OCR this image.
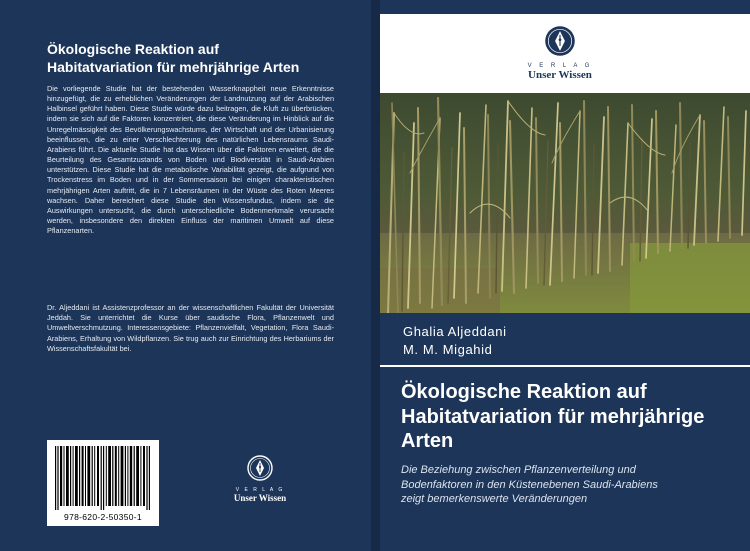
Ökologische Reaktion auf
Habitatvariation für mehrjährige Arten

Die vorliegende Studie hat der bestehenden Wasserknappheit neue Erkenntnisse hinzugefügt, die zu erheblichen Veränderungen der Landnutzung auf der Arabischen Halbinsel geführt haben. Diese Studie würde dazu beitragen, die Kluft zu überbrücken, indem sie sich auf die Faktoren konzentriert, die diese Veränderung im Hinblick auf die Unregelmässigkeit des Bevölkerungswachstums, der Wirtschaft und der Urbanisierung beeinflussen, die zu einer Verschlechterung des natürlichen Lebensraums Saudi-Arabiens führt. Die aktuelle Studie hat das Wissen über die Faktoren erweitert, die die Beurteilung des Gesamtzustands von Boden und Biodiversität in Saudi-Arabien unterstützen. Diese Studie hat die metabolische Variabilität gezeigt, die aufgrund von Trockenstress im Boden und in der Sommersaison bei einigen charakteristischen mehrjährigen Arten auftritt, die in 7 Lebensräumen in der Wüste des Roten Meeres wachsen. Daher bereichert diese Studie den Wissensfundus, indem sie die Auswirkungen untersucht, die durch unterschiedliche Bodenmerkmale verursacht werden, insbesondere den direkten Einfluss der maritimen Umwelt auf diese Pflanzenarten.

Dr. Aljeddani ist Assistenzprofessor an der wissenschaftlichen Fakultät der Universität Jeddah. Sie unterrichtet die Kurse über saudische Flora, Pflanzenwelt und Umweltverschmutzung. Interessensgebiete: Pflanzenvielfalt, Vegetation, Flora Saudi-Arabiens, Erhaltung von Wildpflanzen. Sie trug auch zur Einrichtung des Herbariums der Wissenschaftsfakultät bei.

978-620-2-50350-1
V E R L A G
Unser Wissen
V E R L A G
Unser Wissen

Ghalia Aljeddani

M. M. Migahid

Ökologische Reaktion auf
Habitatvariation für mehrjährige
Arten

Die Beziehung zwischen Pflanzenverteilung und
Bodenfaktoren in den Küstenebenen Saudi-Arabiens
zeigt bemerkenswerte Veränderungen
